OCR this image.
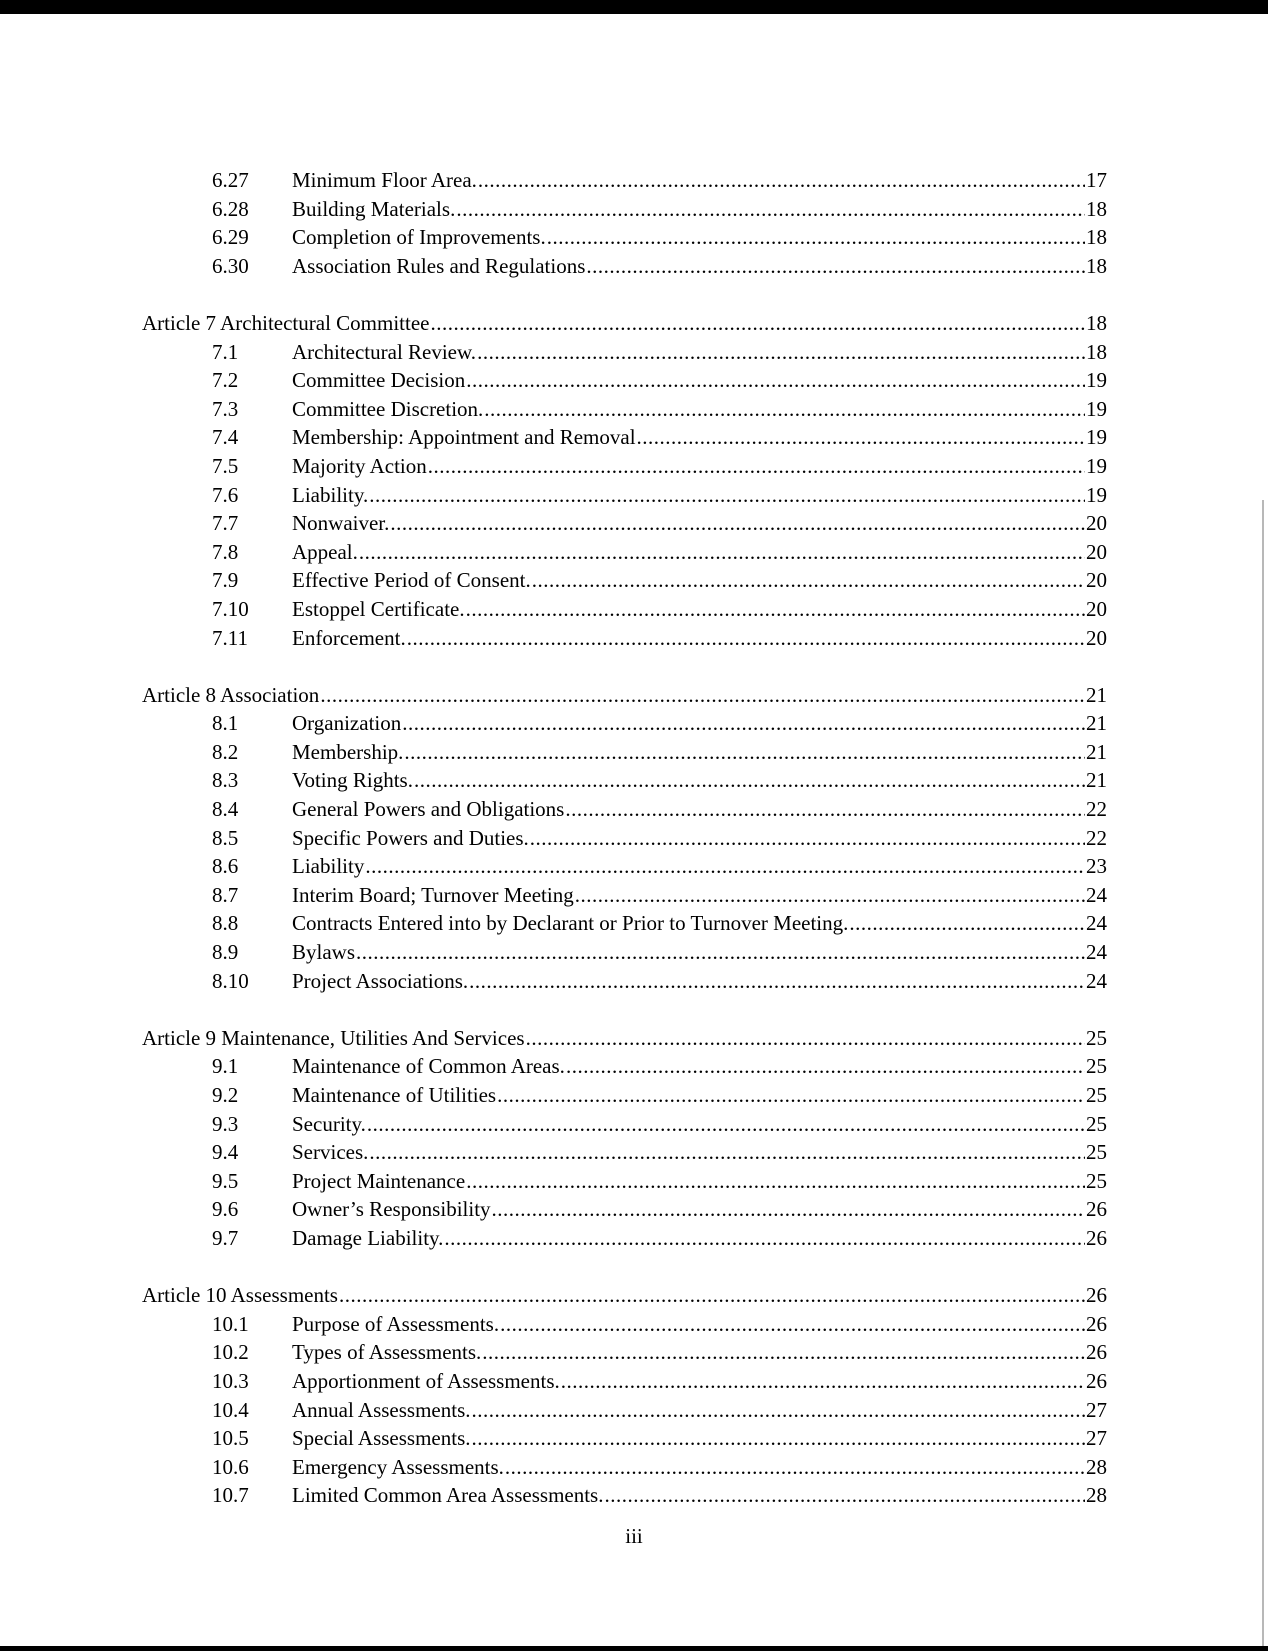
6.27	Minimum Floor Area. .....	17
6.28	Building Materials. .....	18
6.29	Completion of Improvements. .....	18
6.30	Association Rules and Regulations .....	18
Article 7 Architectural Committee .....	18
7.1	Architectural Review. .....	18
7.2	Committee Decision .....	19
7.3	Committee Discretion. .....	19
7.4	Membership: Appointment and Removal .....	19
7.5	Majority Action .....	19
7.6	Liability. .....	19
7.7	Nonwaiver. .....	20
7.8	Appeal. .....	20
7.9	Effective Period of Consent. .....	20
7.10	Estoppel Certificate. .....	20
7.11	Enforcement. .....	20
Article 8 Association .....	21
8.1	Organization .....	21
8.2	Membership. .....	21
8.3	Voting Rights. .....	21
8.4	General Powers and Obligations .....	22
8.5	Specific Powers and Duties. .....	22
8.6	Liability .....	23
8.7	Interim Board; Turnover Meeting .....	24
8.8	Contracts Entered into by Declarant or Prior to Turnover Meeting. .....	24
8.9	Bylaws .....	24
8.10	Project Associations. .....	24
Article 9 Maintenance, Utilities And Services .....	25
9.1	Maintenance of Common Areas. .....	25
9.2	Maintenance of Utilities .....	25
9.3	Security. .....	25
9.4	Services. .....	25
9.5	Project Maintenance .....	25
9.6	Owner’s Responsibility .....	26
9.7	Damage Liability. .....	26
Article 10 Assessments .....	26
10.1	Purpose of Assessments. .....	26
10.2	Types of Assessments. .....	26
10.3	Apportionment of Assessments. .....	26
10.4	Annual Assessments. .....	27
10.5	Special Assessments. .....	27
10.6	Emergency Assessments. .....	28
10.7	Limited Common Area Assessments. .....	28
iii
